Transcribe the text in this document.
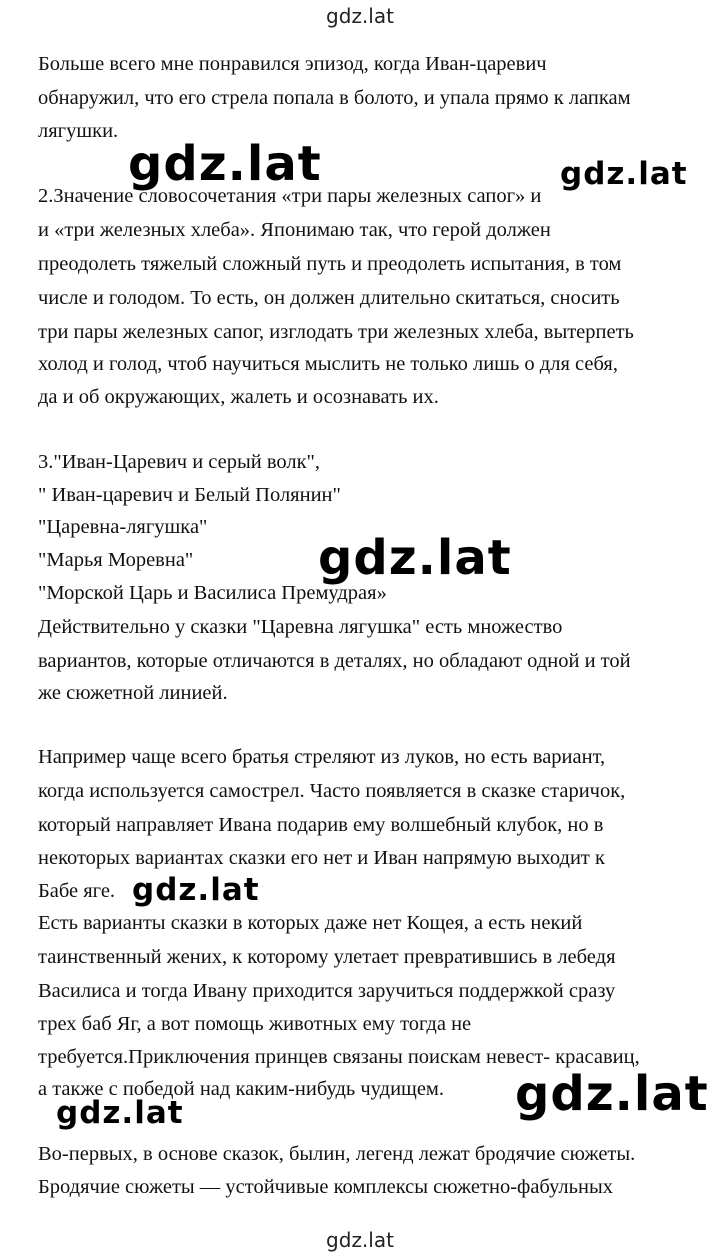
gdz.lat
Больше всего мне понравился эпизод, когда Иван-царевич
обнаружил, что его стрела попала в болото, и упала прямо к лапкам
лягушки.
2.Значение словосочетания «три пары железных сапог» и
и «три железных хлеба». Японимаю так, что герой должен
преодолеть тяжелый сложный путь и преодолеть испытания, в том
числе и голодом. То есть, он должен длительно скитаться, сносить
три пары железных сапог, изглодать три железных хлеба, вытерпеть
холод и голод, чтоб научиться мыслить не только лишь о для себя,
да и об окружающих, жалеть и осознавать их.
3."Иван-Царевич и серый волк",
" Иван-царевич и Белый Полянин"
"Царевна-лягушка"
"Марья Моревна"
"Морской Царь и Василиса Премудрая»
Действительно у сказки "Царевна лягушка" есть множество
вариантов, которые отличаются в деталях, но обладают одной и той
же сюжетной линией.
Например чаще всего братья стреляют из луков, но есть вариант,
когда используется самострел. Часто появляется в сказке старичок,
который направляет Ивана подарив ему волшебный клубок, но в
некоторых вариантах сказки его нет и Иван напрямую выходит к
Бабе яге.
Есть варианты сказки в которых даже нет Кощея, а есть некий
таинственный жених, к которому улетает превратившись в лебедя
Василиса и тогда Ивану приходится заручиться поддержкой сразу
трех баб Яг, а вот помощь животных ему тогда не
требуется.Приключения принцев связаны поискам невест- красавиц,
а также с победой над каким-нибудь чудищем.
Во-первых, в основе сказок, былин, легенд лежат бродячие сюжеты.
Бродячие сюжеты — устойчивые комплексы сюжетно-фабульных
gdz.lat	gdz.lat
gdz.lat
gdz.lat
gdz.lat
gdz.lat
gdz.lat
